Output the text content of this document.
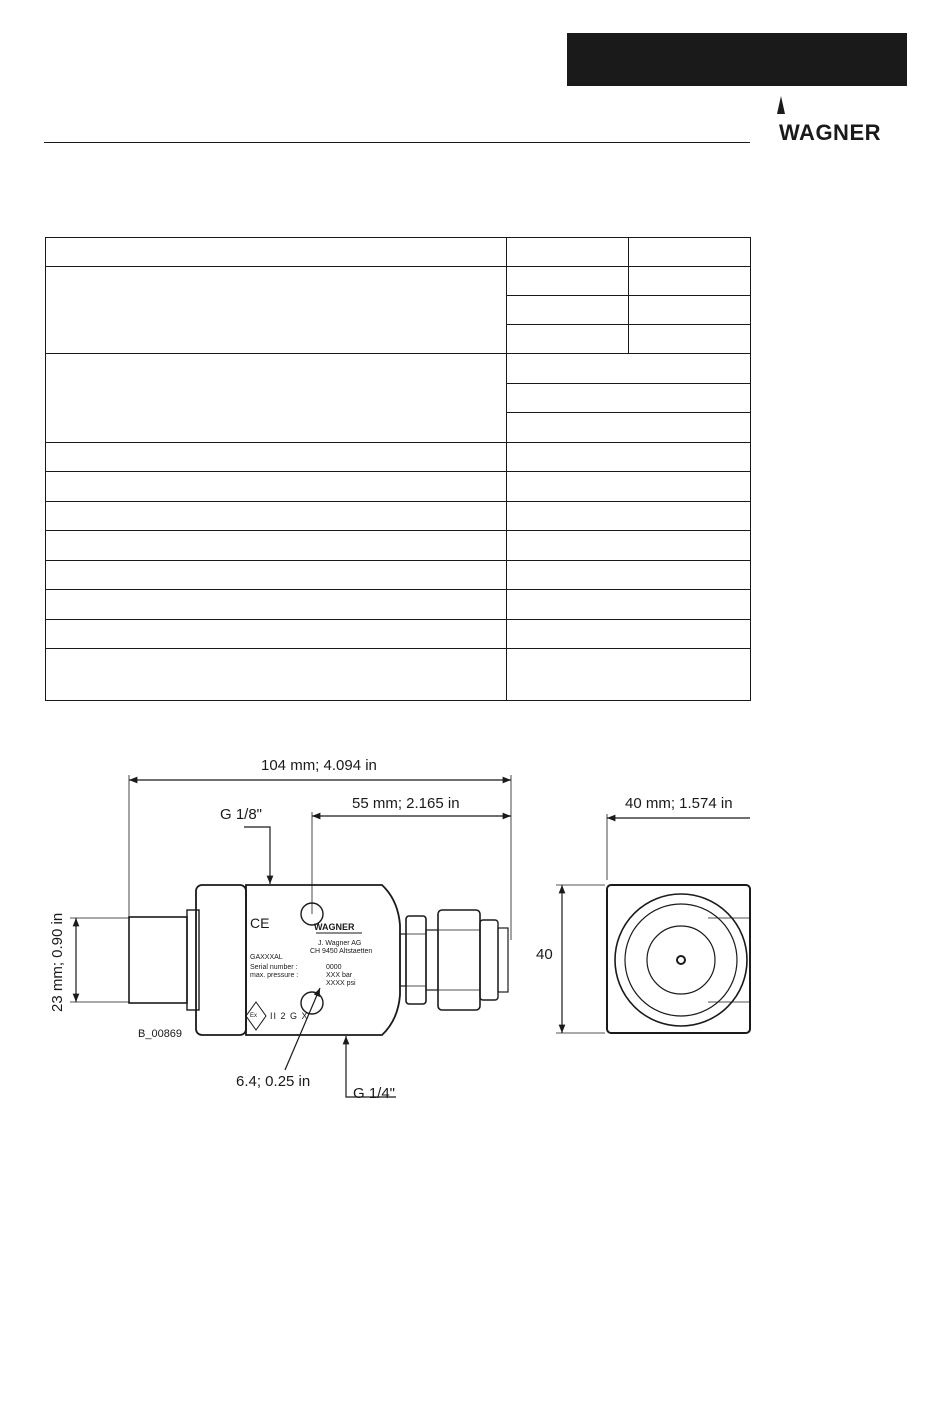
WAGNER

104 mm; 4.094 in
55 mm; 2.165 in	40 mm; 1.574 in
40
23 mm; 0.90 in
G 1/8"
G 1/4"
6.4; 0.25 in
B_00869
WAGNER
CE
J. Wagner AG
CH 9450 Altstaetten
GAXXXAL
Serial number :	0000
max. pressure :	XXX bar
XXXX psi
Ex II 2 G X
